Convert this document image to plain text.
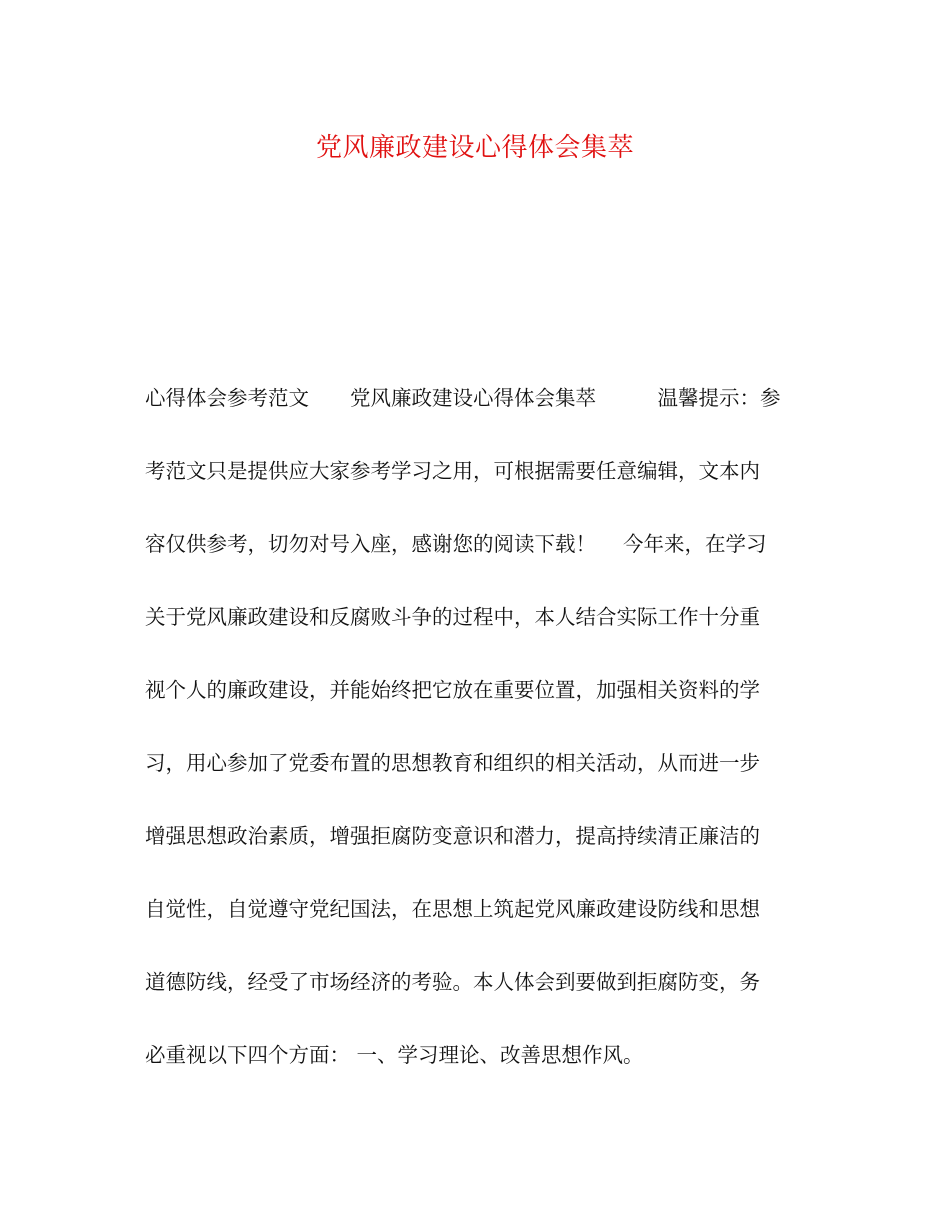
党风廉政建设心得体会集萃
心得体会参考范文　　党风廉政建设心得体会集萃　　　温馨提示：参
考范文只是提供应大家参考学习之用，可根据需要任意编辑，文本内
容仅供参考，切勿对号入座，感谢您的阅读下载！　 今年来，在学习
关于党风廉政建设和反腐败斗争的过程中，本人结合实际工作十分重
视个人的廉政建设，并能始终把它放在重要位置，加强相关资料的学
习，用心参加了党委布置的思想教育和组织的相关活动，从而进一步
增强思想政治素质，增强拒腐防变意识和潜力，提高持续清正廉洁的
自觉性，自觉遵守党纪国法，在思想上筑起党风廉政建设防线和思想
道德防线，经受了市场经济的考验。本人体会到要做到拒腐防变，务
必重视以下四个方面： 一、学习理论、改善思想作风。
